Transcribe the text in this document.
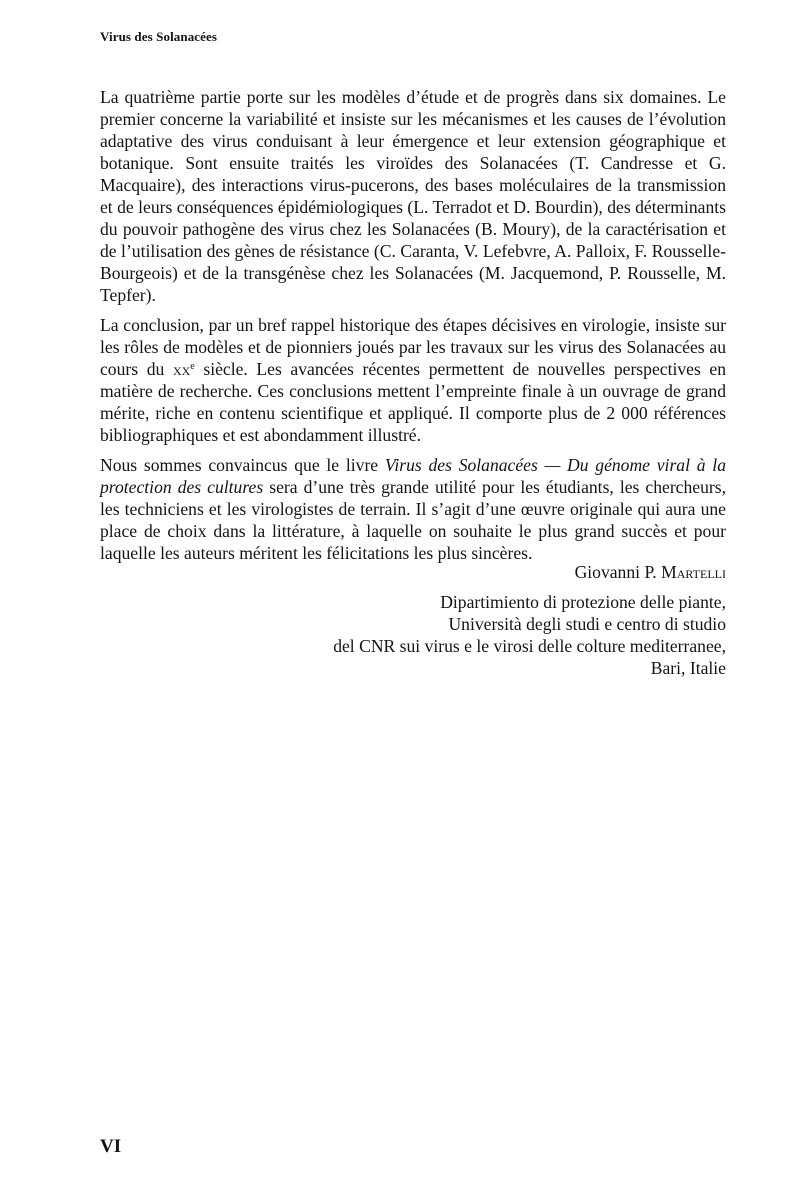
Virus des Solanacées

La quatrième partie porte sur les modèles d’étude et de progrès dans six domaines. Le premier concerne la variabilité et insiste sur les mécanismes et les causes de l’évolution adaptative des virus conduisant à leur émergence et leur extension géographique et botanique. Sont ensuite traités les viroïdes des Solanacées (T. Candresse et G. Macquaire), des interactions virus-pucerons, des bases moléculaires de la transmission et de leurs conséquences épidémiologiques (L. Terradot et D. Bourdin), des déterminants du pouvoir pathogène des virus chez les Solanacées (B. Moury), de la caractérisation et de l’utilisation des gènes de résistance (C. Caranta, V. Lefebvre, A. Palloix, F. Rousselle-Bourgeois) et de la transgénèse chez les Solanacées (M. Jacquemond, P. Rousselle, M. Tepfer).

La conclusion, par un bref rappel historique des étapes décisives en virologie, insiste sur les rôles de modèles et de pionniers joués par les travaux sur les virus des Solanacées au cours du $xx^e$ siècle. Les avancées récentes permettent de nouvelles perspectives en matière de recherche. Ces conclusions mettent l’empreinte finale à un ouvrage de grand mérite, riche en contenu scientifique et appliqué. Il comporte plus de 2 000 références bibliographiques et est abondamment illustré.

Nous sommes convaincus que le livre Virus des Solanacées — Du génome viral à la protection des cultures sera d’une très grande utilité pour les étudiants, les chercheurs, les techniciens et les virologistes de terrain. Il s’agit d’une œuvre originale qui aura une place de choix dans la littérature, à laquelle on souhaite le plus grand succès et pour laquelle les auteurs méritent les félicitations les plus sincères.

Giovanni P. Martelli
Dipartimiento di protezione delle piante,
Università degli studi e centro di studio
del CNR sui virus e le virosi delle colture mediterranee,
Bari, Italie
VI
